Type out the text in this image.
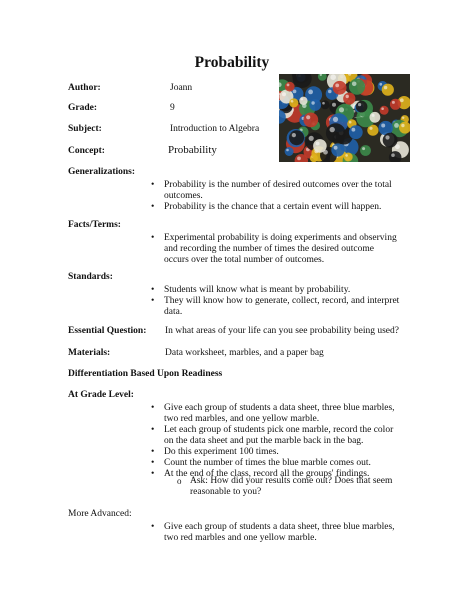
Probability
Author:	Joann
Grade:	9
Subject:	Introduction to Algebra
Concept:	Probability
Generalizations:
• Probability is the number of desired outcomes over the total outcomes.
• Probability is the chance that a certain event will happen.
Facts/Terms:
• Experimental probability is doing experiments and observing and recording the number of times the desired outcome occurs over the total number of outcomes.
Standards:
• Students will know what is meant by probability.
• They will know how to generate, collect, record, and interpret data.
Essential Question: In what areas of your life can you see probability being used?
Materials:	Data worksheet, marbles, and a paper bag
Differentiation Based Upon Readiness
At Grade Level:
• Give each group of students a data sheet, three blue marbles, two red marbles, and one yellow marble.
• Let each group of students pick one marble, record the color on the data sheet and put the marble back in the bag.
• Do this experiment 100 times.
• Count the number of times the blue marble comes out.
• At the end of the class, record all the groups' findings.
o Ask: How did your results come out? Does that seem reasonable to you?
More Advanced:
• Give each group of students a data sheet, three blue marbles, two red marbles and one yellow marble.
